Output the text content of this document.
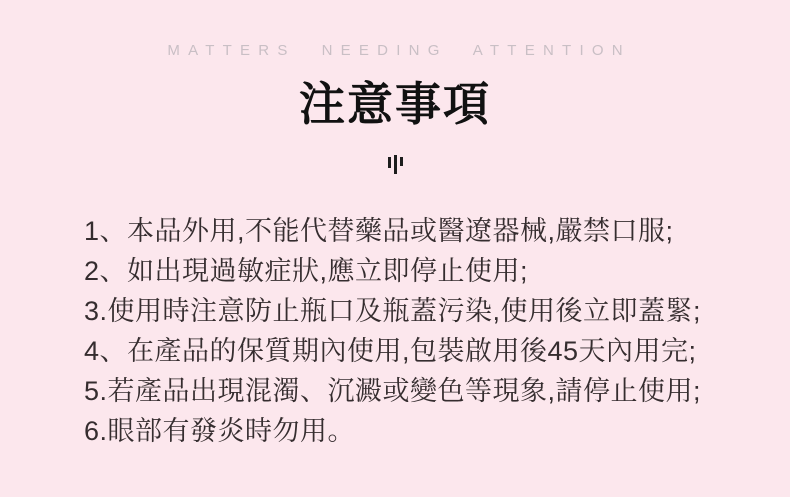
MATTERS NEEDING ATTENTION
注意事項
1、本品外用,不能代替藥品或醫遼器械,嚴禁口服;
2、如出現過敏症狀,應立即停止使用;
3.使用時注意防止瓶口及瓶蓋污染,使用後立即蓋緊;
4、在產品的保質期內使用,包裝啟用後45天內用完;
5.若產品出現混濁、沉澱或變色等現象,請停止使用;
6.眼部有發炎時勿用。
